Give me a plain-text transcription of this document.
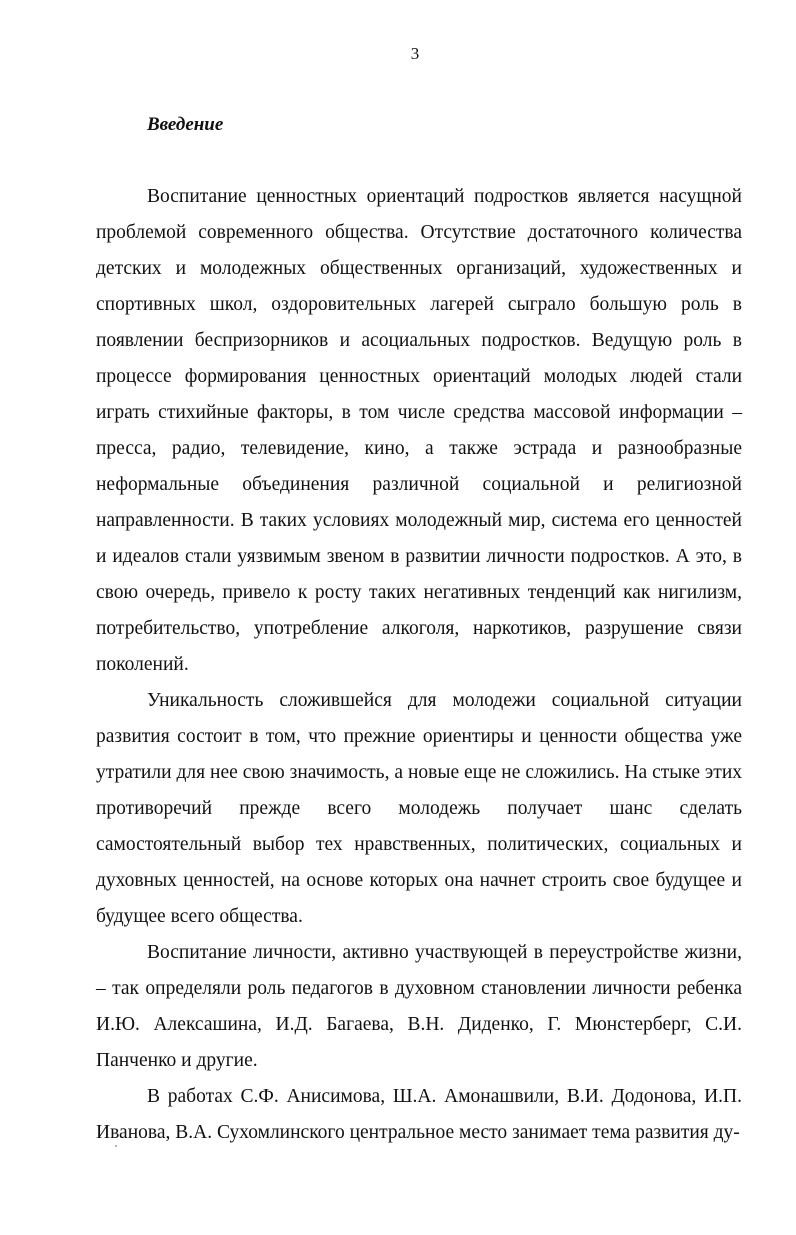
3
Введение

Воспитание ценностных ориентаций подростков является насущной проблемой современного общества. Отсутствие достаточного количества детских и молодежных общественных организаций, художественных и спортивных школ, оздоровительных лагерей сыграло большую роль в появлении беспризорников и асоциальных подростков. Ведущую роль в процессе формирования ценностных ориентаций молодых людей стали играть стихийные факторы, в том числе средства массовой информации – пресса, радио, телевидение, кино, а также эстрада и разнообразные неформальные объединения различной социальной и религиозной направленности. В таких условиях молодежный мир, система его ценностей и идеалов стали уязвимым звеном в развитии личности подростков. А это, в свою очередь, привело к росту таких негативных тенденций как нигилизм, потребительство, употребление алкоголя, наркотиков, разрушение связи поколений.

Уникальность сложившейся для молодежи социальной ситуации развития состоит в том, что прежние ориентиры и ценности общества уже утратили для нее свою значимость, а новые еще не сложились. На стыке этих противоречий прежде всего молодежь получает шанс сделать самостоятельный выбор тех нравственных, политических, социальных и духовных ценностей, на основе которых она начнет строить свое будущее и будущее всего общества.

Воспитание личности, активно участвующей в переустройстве жизни, – так определяли роль педагогов в духовном становлении личности ребенка И.Ю. Алексашина, И.Д. Багаева, В.Н. Диденко, Г. Мюнстерберг, С.И. Панченко и другие.

В работах С.Ф. Анисимова, Ш.А. Амонашвили, В.И. Додонова, И.П. Иванова, В.А. Сухомлинского центральное место занимает тема развития ду-
